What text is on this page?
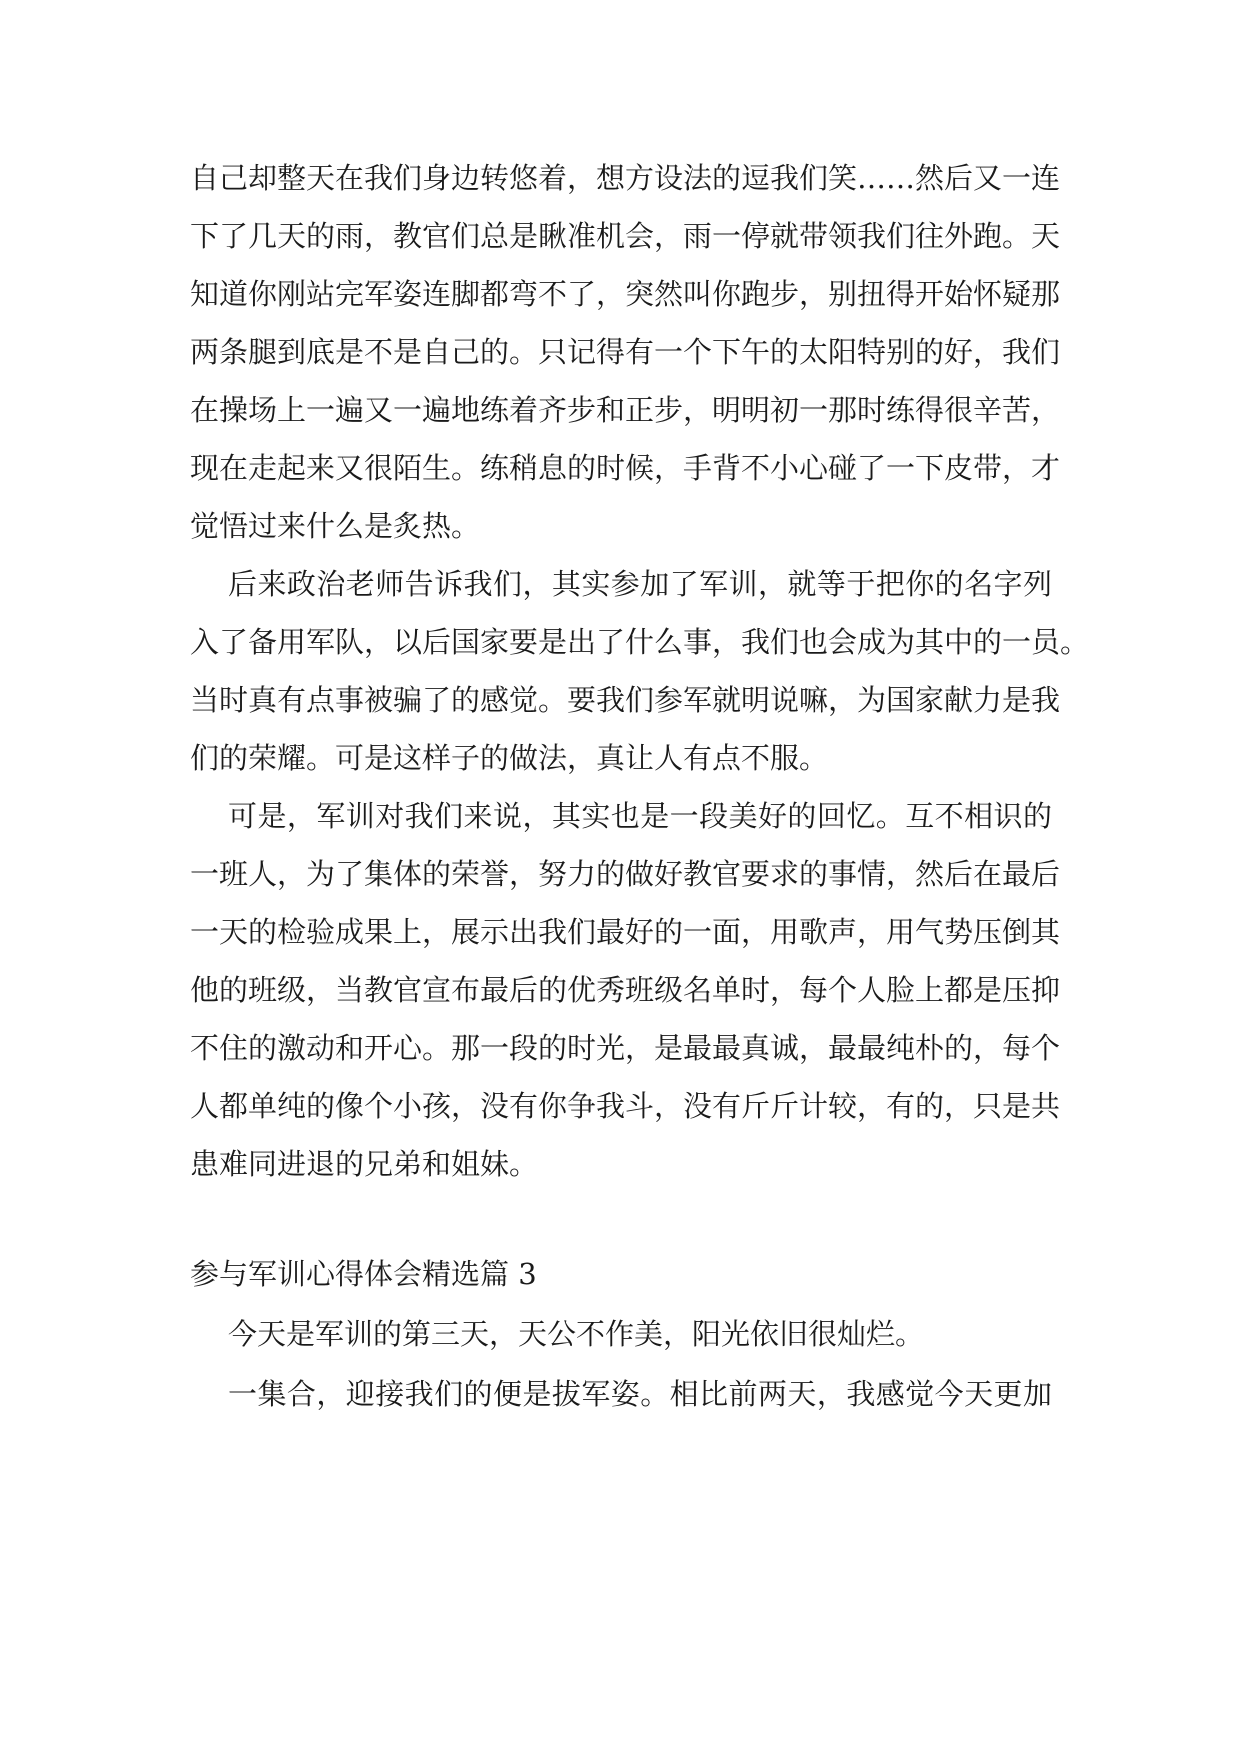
自己却整天在我们身边转悠着，想方设法的逗我们笑……然后又一连
下了几天的雨，教官们总是瞅准机会，雨一停就带领我们往外跑。天
知道你刚站完军姿连脚都弯不了，突然叫你跑步，别扭得开始怀疑那
两条腿到底是不是自己的。只记得有一个下午的太阳特别的好，我们
在操场上一遍又一遍地练着齐步和正步，明明初一那时练得很辛苦，
现在走起来又很陌生。练稍息的时候，手背不小心碰了一下皮带，才
觉悟过来什么是炙热。
后来政治老师告诉我们，其实参加了军训，就等于把你的名字列
入了备用军队，以后国家要是出了什么事，我们也会成为其中的一员。
当时真有点事被骗了的感觉。要我们参军就明说嘛，为国家献力是我
们的荣耀。可是这样子的做法，真让人有点不服。
可是，军训对我们来说，其实也是一段美好的回忆。互不相识的
一班人，为了集体的荣誉，努力的做好教官要求的事情，然后在最后
一天的检验成果上，展示出我们最好的一面，用歌声，用气势压倒其
他的班级，当教官宣布最后的优秀班级名单时，每个人脸上都是压抑
不住的激动和开心。那一段的时光，是最最真诚，最最纯朴的，每个
人都单纯的像个小孩，没有你争我斗，没有斤斤计较，有的，只是共
患难同进退的兄弟和姐妹。
参与军训心得体会精选篇 3
今天是军训的第三天，天公不作美，阳光依旧很灿烂。
一集合，迎接我们的便是拔军姿。相比前两天，我感觉今天更加
